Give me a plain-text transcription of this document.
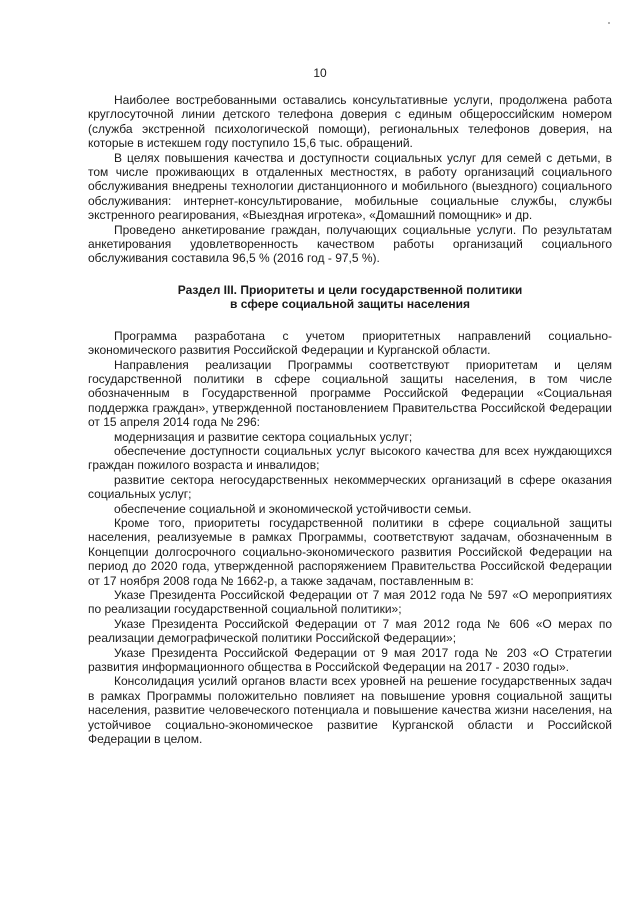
10

Наиболее востребованными оставались консультативные услуги, продолжена работа круглосуточной линии детского телефона доверия с единым общероссийским номером (служба экстренной психологической помощи), региональных телефонов доверия, на которые в истекшем году поступило 15,6 тыс. обращений.

В целях повышения качества и доступности социальных услуг для семей с детьми, в том числе проживающих в отдаленных местностях, в работу организаций социального обслуживания внедрены технологии дистанционного и мобильного (выездного) социального обслуживания: интернет-консультирование, мобильные социальные службы, службы экстренного реагирования, «Выездная игротека», «Домашний помощник» и др.

Проведено анкетирование граждан, получающих социальные услуги. По результатам анкетирования удовлетворенность качеством работы организаций социального обслуживания составила 96,5 % (2016 год - 97,5 %).

Раздел III. Приоритеты и цели государственной политики
в сфере социальной защиты населения

Программа разработана с учетом приоритетных направлений социально-экономического развития Российской Федерации и Курганской области.

Направления реализации Программы соответствуют приоритетам и целям государственной политики в сфере социальной защиты населения, в том числе обозначенным в Государственной программе Российской Федерации «Социальная поддержка граждан», утвержденной постановлением Правительства Российской Федерации от 15 апреля 2014 года № 296:

модернизация и развитие сектора социальных услуг;

обеспечение доступности социальных услуг высокого качества для всех нуждающихся граждан пожилого возраста и инвалидов;

развитие сектора негосударственных некоммерческих организаций в сфере оказания социальных услуг;

обеспечение социальной и экономической устойчивости семьи.

Кроме того, приоритеты государственной политики в сфере социальной защиты населения, реализуемые в рамках Программы, соответствуют задачам, обозначенным в Концепции долгосрочного социально-экономического развития Российской Федерации на период до 2020 года, утвержденной распоряжением Правительства Российской Федерации от 17 ноября 2008 года № 1662-р, а также задачам, поставленным в:

Указе Президента Российской Федерации от 7 мая 2012 года № 597 «О мероприятиях по реализации государственной социальной политики»;

Указе Президента Российской Федерации от 7 мая 2012 года № 606 «О мерах по реализации демографической политики Российской Федерации»;

Указе Президента Российской Федерации от 9 мая 2017 года № 203 «О Стратегии развития информационного общества в Российской Федерации на 2017 - 2030 годы».

Консолидация усилий органов власти всех уровней на решение государственных задач в рамках Программы положительно повлияет на повышение уровня социальной защиты населения, развитие человеческого потенциала и повышение качества жизни населения, на устойчивое социально-экономическое развитие Курганской области и Российской Федерации в целом.
